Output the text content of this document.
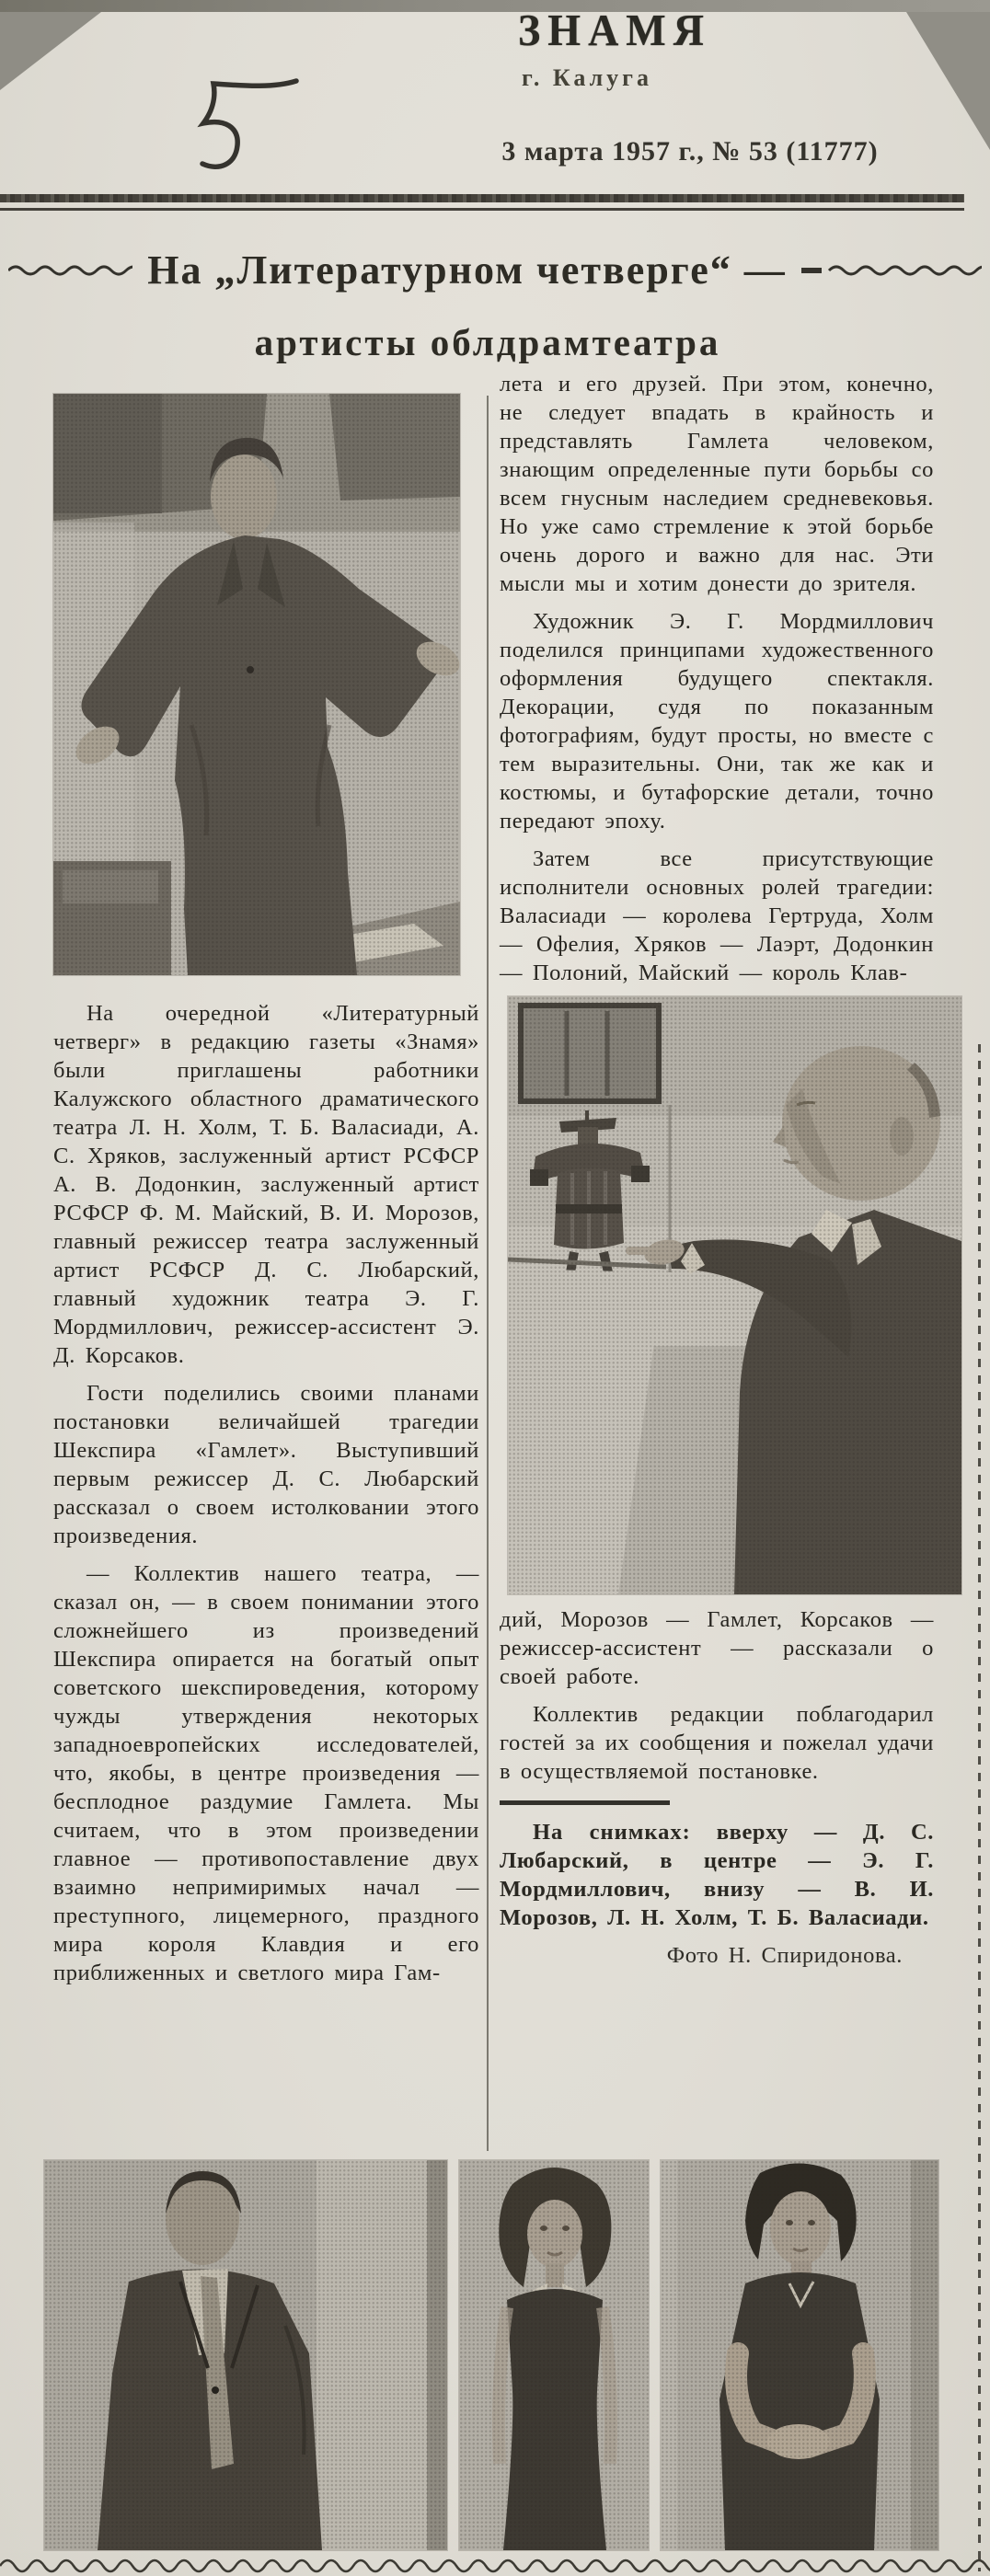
ЗНАМЯ
г. Калуга
3 марта 1957 г., № 53 (11777)
На „Литературном четверге“ —
артисты облдрамтеатра

На очередной «Литературный четверг» в редакцию газеты «Знамя» были приглашены работники Калужского областного драматического театра Л. Н. Холм, Т. Б. Валасиади, А. С. Хряков, заслуженный артист РСФСР А. В. Додонкин, заслуженный артист РСФСР Ф. М. Майский, В. И. Морозов, главный режиссер театра заслуженный артист РСФСР Д. С. Любарский, главный художник театра Э. Г. Мордмиллович, режиссер-ассистент Э. Д. Корсаков.

Гости поделились своими планами постановки величайшей трагедии Шекспира «Гамлет». Выступивший первым режиссер Д. С. Любарский рассказал о своем истолковании этого произведения.

— Коллектив нашего театра, — сказал он, — в своем понимании этого сложнейшего из произведений Шекспира опирается на богатый опыт советского шекспироведения, которому чужды утверждения некоторых западноевропейских исследователей, что, якобы, в центре произведения — бесплодное раздумие Гамлета. Мы считаем, что в этом произведении главное — противопоставление двух взаимно непримиримых начал — преступного, лицемерного, праздного мира короля Клавдия и его приближенных и светлого мира Гам-

лета и его друзей. При этом, конечно, не следует впадать в крайность и представлять Гамлета человеком, знающим определенные пути борьбы со всем гнусным наследием средневековья. Но уже само стремление к этой борьбе очень дорого и важно для нас. Эти мысли мы и хотим донести до зрителя.

Художник Э. Г. Мордмиллович поделился принципами художественного оформления будущего спектакля. Декорации, судя по показанным фотографиям, будут просты, но вместе с тем выразительны. Они, так же как и костюмы, и бутафорские детали, точно передают эпоху.

Затем все присутствующие исполнители основных ролей трагедии: Валасиади — королева Гертруда, Холм — Офелия, Хряков — Лаэрт, Додонкин — Полоний, Майский — король Клав-

дий, Морозов — Гамлет, Корсаков — режиссер-ассистент — рассказали о своей работе.

Коллектив редакции поблагодарил гостей за их сообщения и пожелал удачи в осуществляемой постановке.

На снимках: вверху — Д. С. Любарский, в центре — Э. Г. Мордмиллович, внизу — В. И. Морозов, Л. Н. Холм, Т. Б. Валасиади.

Фото Н. Спиридонова.
